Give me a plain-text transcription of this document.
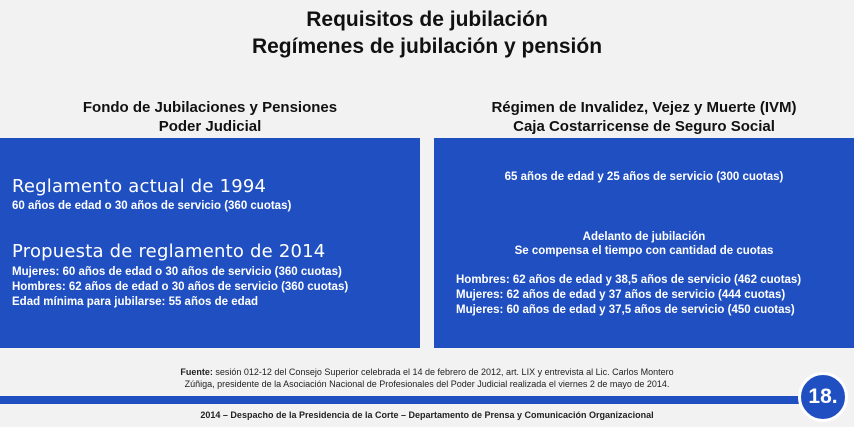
Requisitos de jubilación
Regímenes de jubilación y pensión
Fondo de Jubilaciones y Pensiones
Poder Judicial
Régimen de Invalidez, Vejez y Muerte (IVM)
Caja Costarricense de Seguro Social
Reglamento actual de 1994
60 años de edad o 30 años de servicio (360 cuotas)
Propuesta de reglamento de 2014
Mujeres: 60 años de edad o 30 años de servicio (360 cuotas)
Hombres: 62 años de edad o 30 años de servicio (360 cuotas)
Edad mínima para jubilarse: 55 años de edad
65 años de edad y 25 años de servicio (300 cuotas)
Adelanto de jubilación
Se compensa el tiempo con cantidad de cuotas
Hombres: 62 años de edad y 38,5 años de servicio (462 cuotas)
Mujeres: 62 años de edad y 37 años de servicio (444 cuotas)
Mujeres: 60 años de edad y 37,5 años de servicio (450 cuotas)
Fuente: sesión 012-12 del Consejo Superior celebrada el 14 de febrero de 2012, art. LIX y entrevista al Lic. Carlos Montero
Zúñiga, presidente de la Asociación Nacional de Profesionales del Poder Judicial realizada el viernes 2 de mayo de 2014.
18.
2014 – Despacho de la Presidencia de la Corte – Departamento de Prensa y Comunicación Organizacional
